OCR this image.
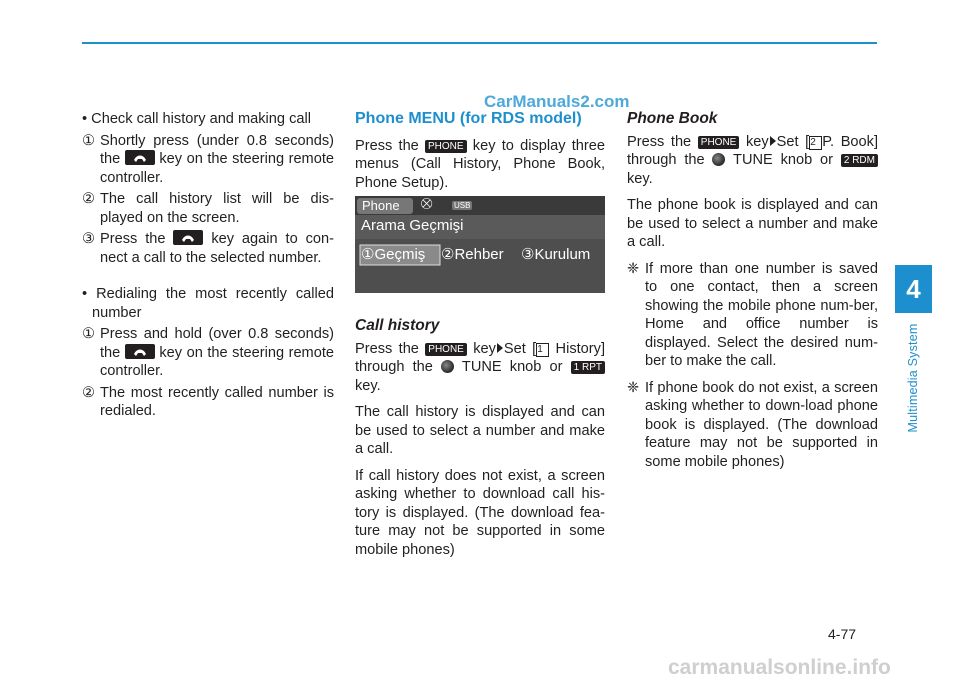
CarManuals2.com

• Check call history and making call

① Shortly press (under 0.8 seconds) the	key on the steering remote controller.
② The call history list will be dis-played on the screen.
③ Press the	key again to con-nect a call to the selected number.

• Redialing the most recently called number

① Press and hold (over 0.8 seconds) the	key on the steering remote controller.
② The most recently called number is redialed.

Phone MENU (for RDS model)

Press the PHONE key to display three menus (Call History, Phone Book, Phone Setup).

Phone ⛒	USB
Arama Geçmişi
①Geçmiş ②Rehber ③Kurulum

Call history

Press the PHONE key Set [1 History] through the TUNE knob or 1 RPT key.

The call history is displayed and can be used to select a number and make a call.

If call history does not exist, a screen asking whether to download call his-tory is displayed. (The download fea-ture may not be supported in some mobile phones)

Phone Book

Press the PHONE key Set [2 P. Book] through the TUNE knob or 2 RDM key.

The phone book is displayed and can be used to select a number and make a call.

❈ If more than one number is saved to one contact, then a screen showing the mobile phone num-ber, Home and office number is displayed. Select the desired num-ber to make the call.
❈ If phone book do not exist, a screen asking whether to down-load phone book is displayed. (The download feature may not be supported in some mobile phones)
4
Multimedia System
4-77
carmanualsonline.info
